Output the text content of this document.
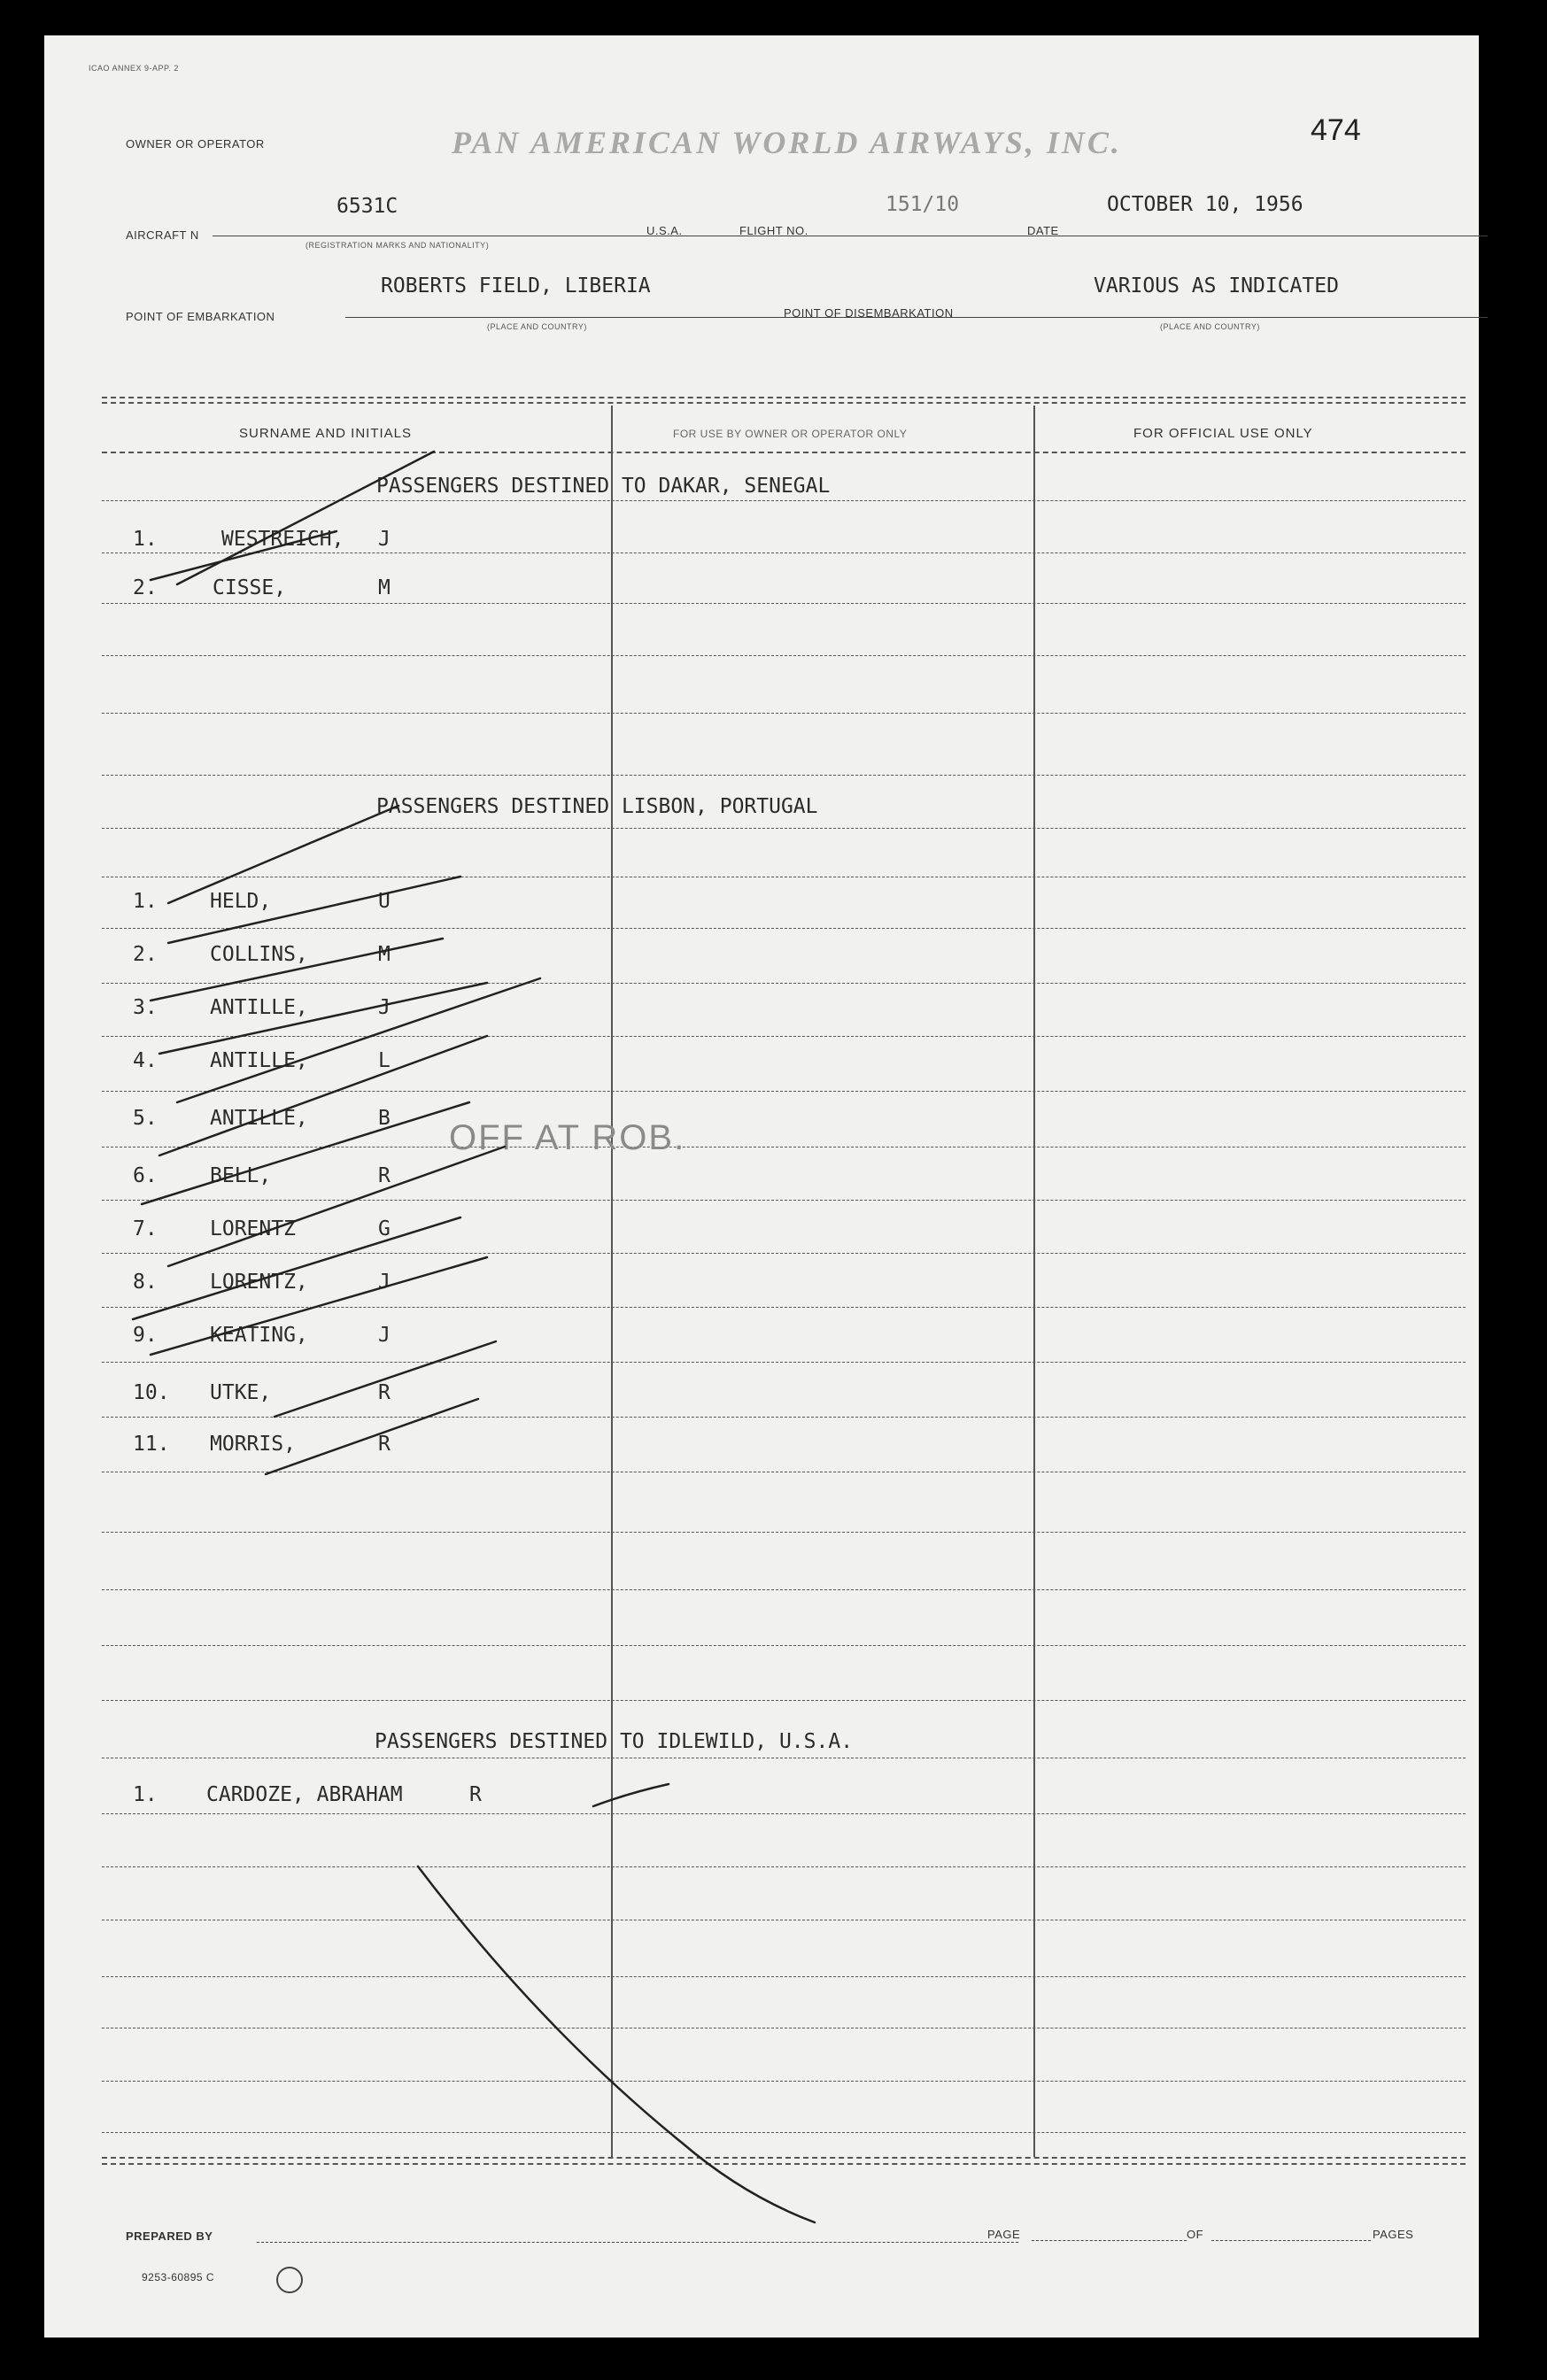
ICAO ANNEX 9-APP. 2
474
OWNER OR OPERATOR	PAN AMERICAN WORLD AIRWAYS, INC.
AIRCRAFT N
6531C
(REGISTRATION MARKS AND NATIONALITY)
U.S.A.	FLIGHT NO.
151/10
DATE
OCTOBER 10, 1956
POINT OF EMBARKATION
ROBERTS FIELD, LIBERIA
(PLACE AND COUNTRY)
POINT OF DISEMBARKATION
VARIOUS AS INDICATED
(PLACE AND COUNTRY)
SURNAME AND INITIALS	FOR USE BY OWNER OR OPERATOR ONLY	FOR OFFICIAL USE ONLY
PASSENGERS DESTINED TO DAKAR, SENEGAL
1.	WESTREICH, J
2.	CISSE,	M
PASSENGERS DESTINED LISBON, PORTUGAL
1.	HELD,	U
2.	COLLINS,	M
3.	ANTILLE,	J
4.	ANTILLE,	L
5.	ANTILLE,	B
6.	BELL,	R
7.	LORENTZ	G
8.	LORENTZ,	J
9.	KEATING,	J
10. UTKE,	R
11. MORRIS,	R
PASSENGERS DESTINED TO IDLEWILD, U.S.A.
1. CARDOZE, ABRAHAM	R
OFF AT ROB.
PREPARED BY	PAGE	OF	PAGES
9253-60895 C
